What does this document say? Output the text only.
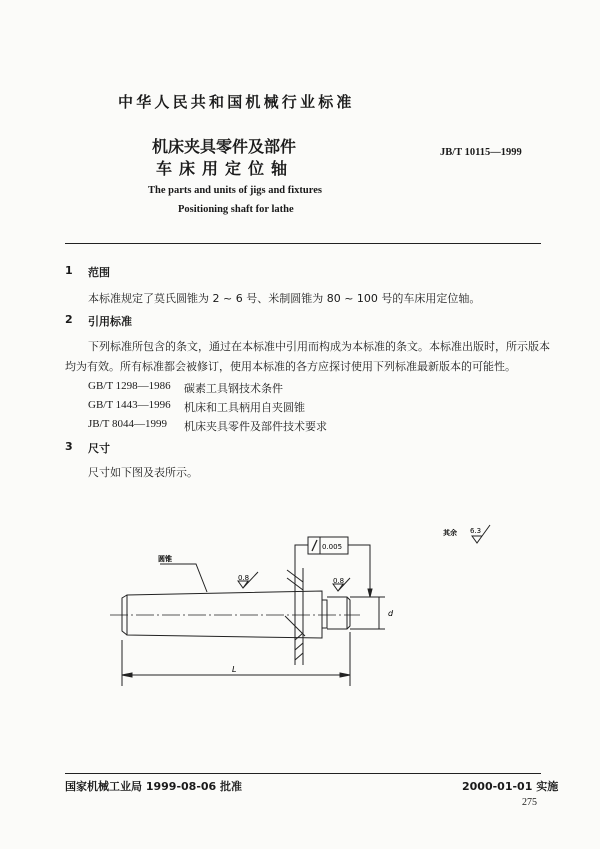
中华人民共和国机械行业标准
机床夹具零件及部件
车床用定位轴
JB/T 10115—1999
The parts and units of jigs and fixtures
Positioning shaft for lathe
1 范围
本标准规定了莫氏圆锥为 2 ~ 6 号、米制圆锥为 80 ~ 100 号的车床用定位轴。
2 引用标准
下列标准所包含的条文，通过在本标准中引用而构成为本标准的条文。本标准出版时，所示版本
均为有效。所有标准都会被修订，使用本标准的各方应探讨使用下列标准最新版本的可能性。
GB/T 1298—1986 碳素工具钢技术条件
GB/T 1443—1996 机床和工具柄用自夹圆锥
JB/T 8044—1999 机床夹具零件及部件技术要求
3 尺寸
尺寸如下图及表所示。
圆锥
0.8	0.8
0.005
其余 6.3
L
d
国家机械工业局 1999-08-06 批准	2000-01-01 实施
275
